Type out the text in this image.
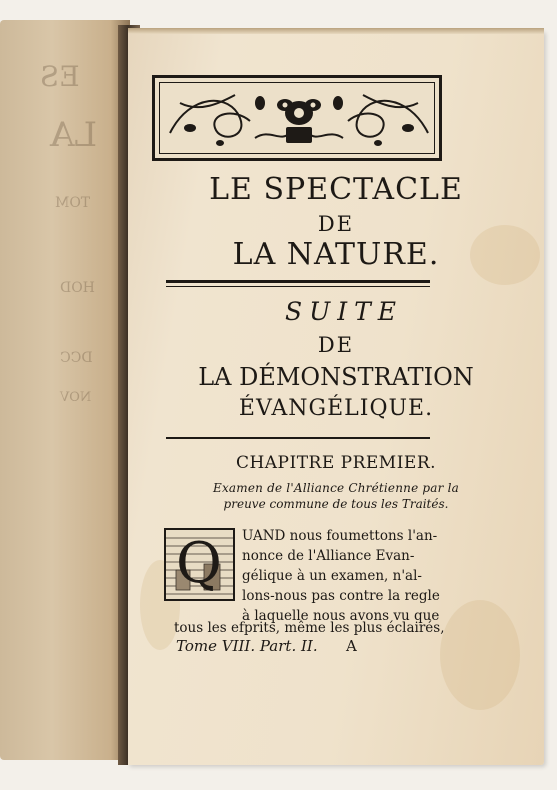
ES
LA
TOM
HOD
DCC
NOV
LE SPECTACLE
DE
LA NATURE.
SUITE
DE
LA DÉMONSTRATION
ÉVANGÉLIQUE.
CHAPITRE PREMIER.
Examen de l'Alliance Chrétienne par la
preuve commune de tous les Traités.
Q UAND nous foumettons l'an-
nonce de l'Alliance Evan-
gélique à un examen, n'al-
lons-nous pas contre la regle
à laquelle nous avons vu que
tous les efprits, même les plus éclairés,
Tome VIII. Part. II. A
